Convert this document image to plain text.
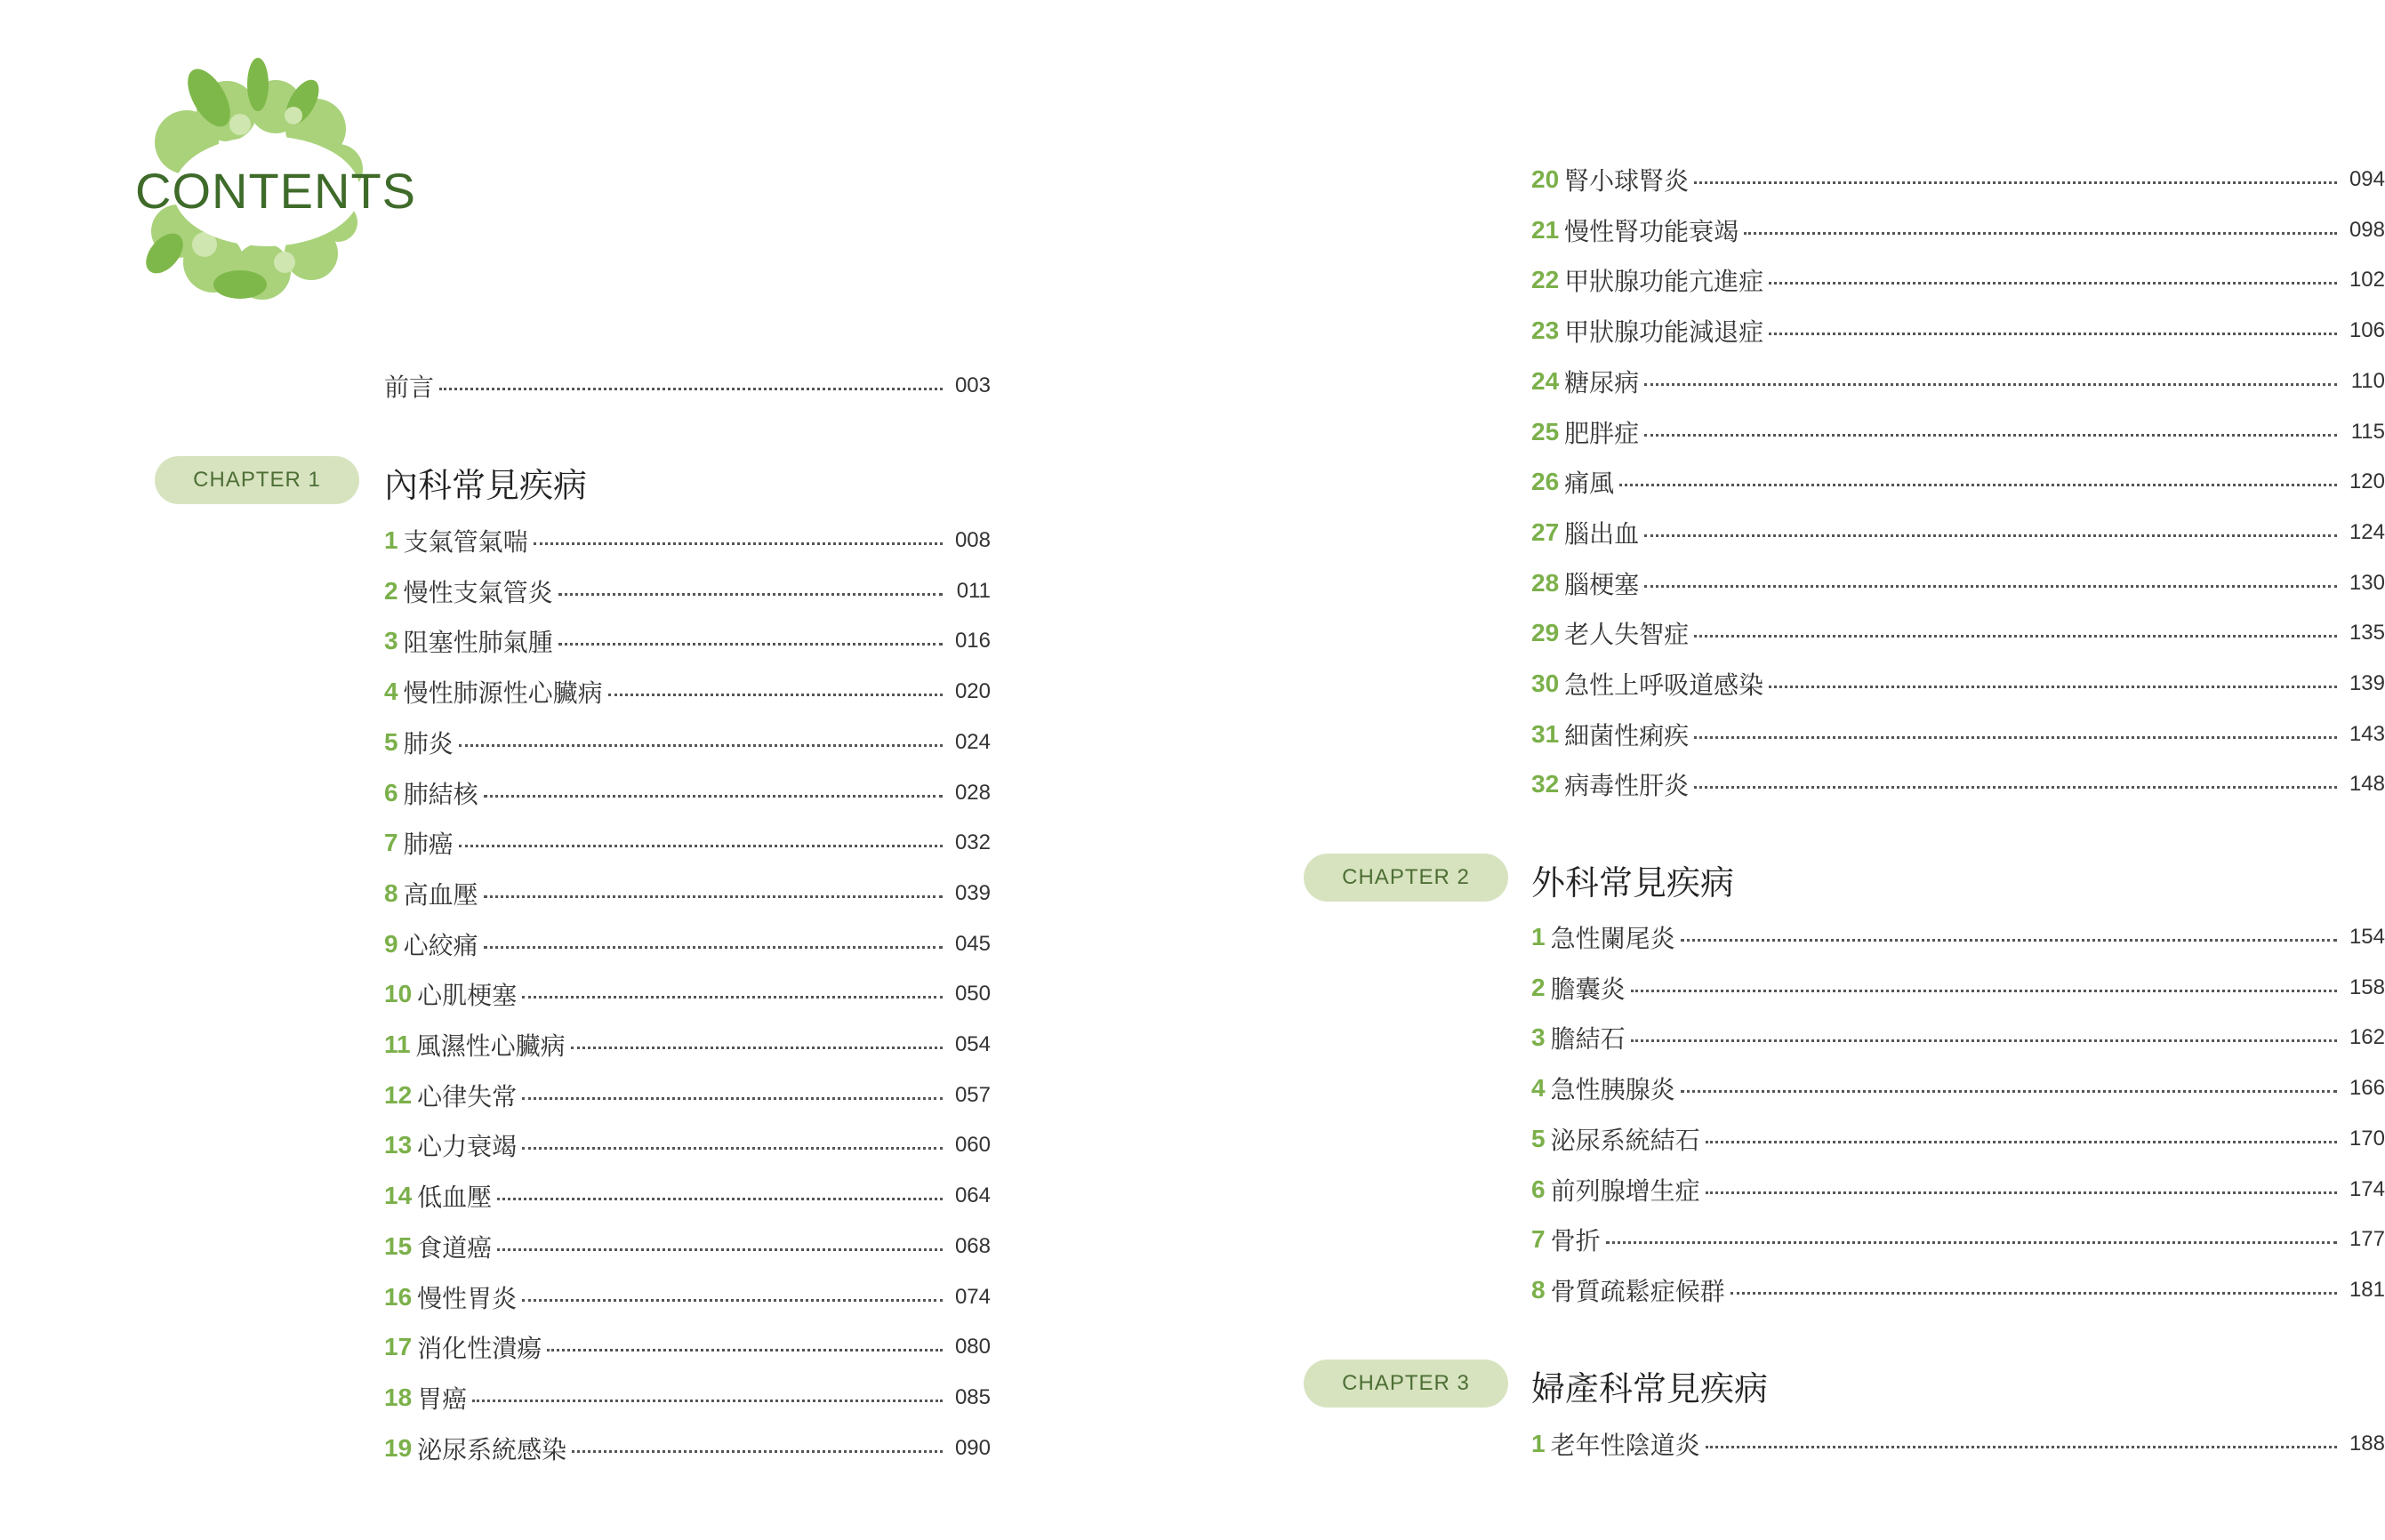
CONTENTS
前言	003
CHAPTER 1	內科常見疾病
1 支氣管氣喘	008
2 慢性支氣管炎	011
3 阻塞性肺氣腫	016
4 慢性肺源性心臟病	020
5 肺炎	024
6 肺結核	028
7 肺癌	032
8 高血壓	039
9 心絞痛	045
10 心肌梗塞	050
11 風濕性心臟病	054
12 心律失常	057
13 心力衰竭	060
14 低血壓	064
15 食道癌	068
16 慢性胃炎	074
17 消化性潰瘍	080
18 胃癌	085
19 泌尿系統感染	090
20 腎小球腎炎	094
21 慢性腎功能衰竭	098
22 甲狀腺功能亢進症	102
23 甲狀腺功能減退症	106
24 糖尿病	110
25 肥胖症	115
26 痛風	120
27 腦出血	124
28 腦梗塞	130
29 老人失智症	135
30 急性上呼吸道感染	139
31 細菌性痢疾	143
32 病毒性肝炎	148
CHAPTER 2	外科常見疾病
1 急性闌尾炎	154
2 膽囊炎	158
3 膽結石	162
4 急性胰腺炎	166
5 泌尿系統結石	170
6 前列腺增生症	174
7 骨折	177
8 骨質疏鬆症候群	181
CHAPTER 3	婦產科常見疾病
1 老年性陰道炎	188
